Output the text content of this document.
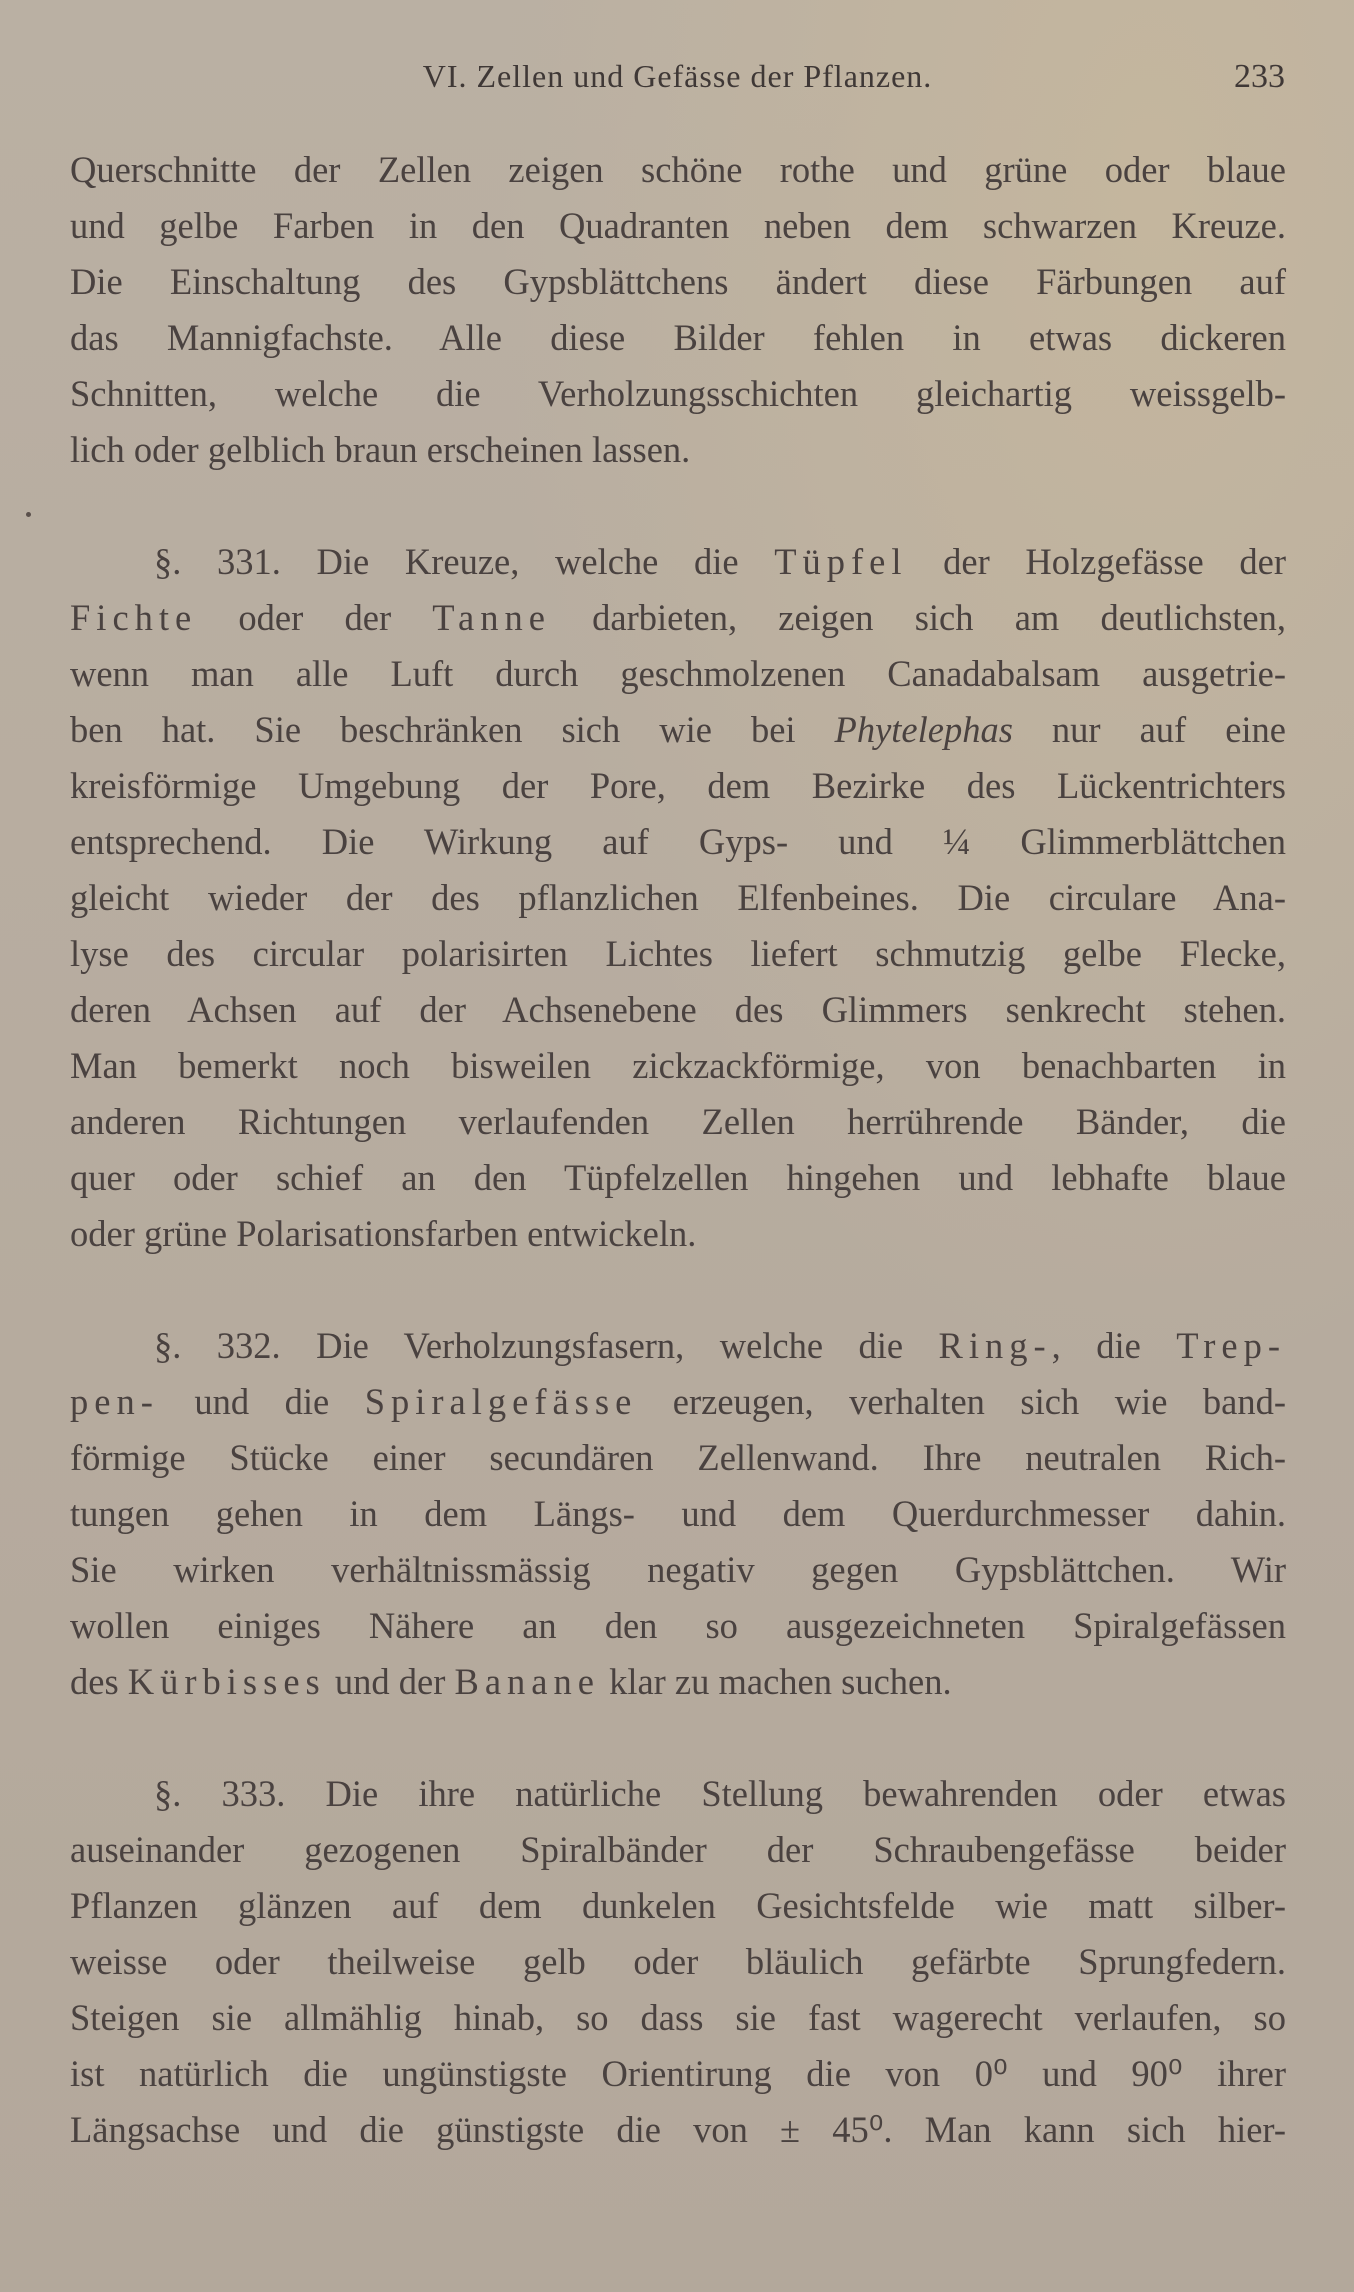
VI. Zellen und Gefässe der Pflanzen.	233
Querschnitte der Zellen zeigen schöne rothe und grüne oder blaue
und gelbe Farben in den Quadranten neben dem schwarzen Kreuze.
Die Einschaltung des Gypsblättchens ändert diese Färbungen auf
das Mannigfachste. Alle diese Bilder fehlen in etwas dickeren
Schnitten, welche die Verholzungsschichten gleichartig weissgelb-
lich oder gelblich braun erscheinen lassen.
§. 331. Die Kreuze, welche die Tüpfel der Holzgefässe der
Fichte oder der Tanne darbieten, zeigen sich am deutlichsten,
wenn man alle Luft durch geschmolzenen Canadabalsam ausgetrie-
ben hat. Sie beschränken sich wie bei Phytelephas nur auf eine
kreisförmige Umgebung der Pore, dem Bezirke des Lückentrichters
entsprechend. Die Wirkung auf Gyps- und ¼ Glimmerblättchen
gleicht wieder der des pflanzlichen Elfenbeines. Die circulare Ana-
lyse des circular polarisirten Lichtes liefert schmutzig gelbe Flecke,
deren Achsen auf der Achsenebene des Glimmers senkrecht stehen.
Man bemerkt noch bisweilen zickzackförmige, von benachbarten in
anderen Richtungen verlaufenden Zellen herrührende Bänder, die
quer oder schief an den Tüpfelzellen hingehen und lebhafte blaue
oder grüne Polarisationsfarben entwickeln.
§. 332. Die Verholzungsfasern, welche die Ring-, die Trep-
pen- und die Spiralgefässe erzeugen, verhalten sich wie band-
förmige Stücke einer secundären Zellenwand. Ihre neutralen Rich-
tungen gehen in dem Längs- und dem Querdurchmesser dahin.
Sie wirken verhältnissmässig negativ gegen Gypsblättchen. Wir
wollen einiges Nähere an den so ausgezeichneten Spiralgefässen
des Kürbisses und der Banane klar zu machen suchen.
§. 333. Die ihre natürliche Stellung bewahrenden oder etwas
auseinander gezogenen Spiralbänder der Schraubengefässe beider
Pflanzen glänzen auf dem dunkelen Gesichtsfelde wie matt silber-
weisse oder theilweise gelb oder bläulich gefärbte Sprungfedern.
Steigen sie allmählig hinab, so dass sie fast wagerecht verlaufen, so
ist natürlich die ungünstigste Orientirung die von 0⁰ und 90⁰ ihrer
Längsachse und die günstigste die von ± 45⁰. Man kann sich hier-
